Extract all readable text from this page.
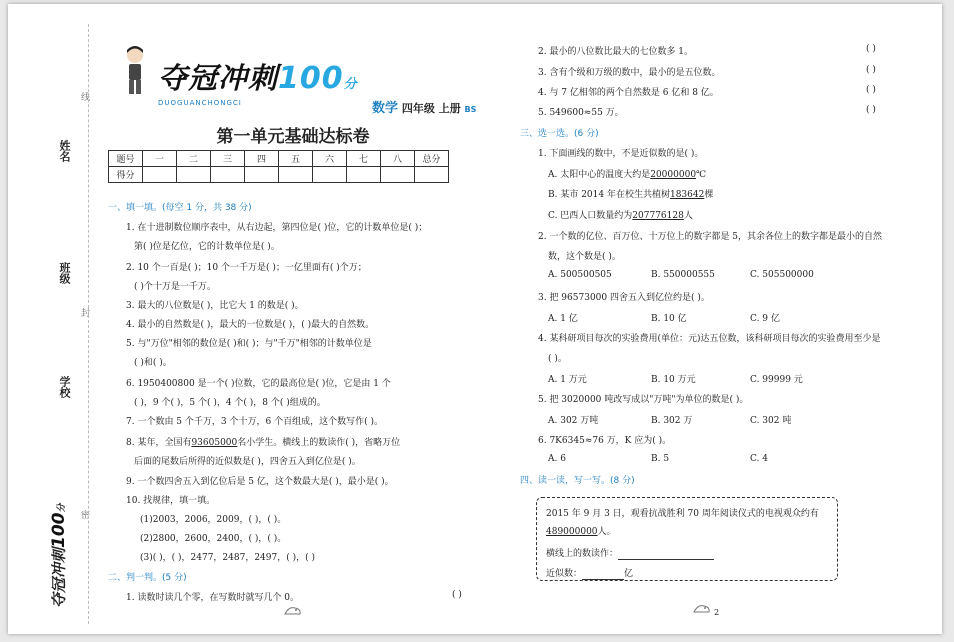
姓名
班级
学校
线
封
密
夺冠冲刺100分
夺冠冲刺100分
DUOGUANCHONGCI	数学 四年级 上册 BS
第一单元基础达标卷
题号	一	二	三	四	五	六	七	八	总分
得分									
一、填一填。(每空 1 分，共 38 分)
1. 在十进制数位顺序表中，从右边起，第四位是( )位，它的计数单位是( )；
第( )位是亿位，它的计数单位是( )。
2. 10 个一百是( )；10 个一千万是( )；一亿里面有( )个万；
( )个十万是一千万。
3. 最大的八位数是( )，比它大 1 的数是( )。
4. 最小的自然数是( )，最大的一位数是( )，( )最大的自然数。
5. 与"万位"相邻的数位是( )和( )；与"千万"相邻的计数单位是
( )和( )。
6. 1950400800 是一个( )位数，它的最高位是( )位，它是由 1 个
( )，9 个( )，5 个( )，4 个( )，8 个( )组成的。
7. 一个数由 5 个千万，3 个十万，6 个百组成，这个数写作( )。
8. 某年，全国有93605000名小学生。横线上的数读作( )，省略万位
后面的尾数后所得的近似数是( )，四舍五入到亿位是( )。
9. 一个数四舍五入到亿位后是 5 亿，这个数最大是( )，最小是( )。
10. 找规律，填一填。
(1)2003，2006，2009，( )，( )。
(2)2800，2600，2400，( )，( )。
(3)( )，( )，2477，2487，2497，( )，( )
二、判一判。(5 分)
1. 读数时读几个零，在写数时就写几个 0。	( )
2. 最小的八位数比最大的七位数多 1。	( )
3. 含有个级和万级的数中，最小的是五位数。	( )
4. 与 7 亿相邻的两个自然数是 6 亿和 8 亿。	( )
5. 549600≈55 万。	( )
三、选一选。(6 分)
1. 下面画线的数中，不是近似数的是( )。
A. 太阳中心的温度大约是20000000℃
B. 某市 2014 年在校生共植树183642棵
C. 巴西人口数量约为207776128人
2. 一个数的亿位、百万位、十万位上的数字都是 5，其余各位上的数字都是最小的自然
数，这个数是( )。
A. 500500505	B. 550000555	C. 505500000
3. 把 96573000 四舍五入到亿位约是( )。
A. 1 亿	B. 10 亿	C. 9 亿
4. 某科研项目每次的实验费用(单位：元)达五位数，该科研项目每次的实验费用至少是
( )。
A. 1 万元	B. 10 万元	C. 99999 元
5. 把 3020000 吨改写成以"万吨"为单位的数是( )。
A. 302 万吨	B. 302 万	C. 302 吨
6. 7K6345≈76 万，K 应为( )。
A. 6	B. 5	C. 4
四、读一读，写一写。(8 分)
2015 年 9 月 3 日，观看抗战胜利 70 周年阅读仪式的电视观众约有
489000000人。
横线上的数读作：
近似数：	亿
2
